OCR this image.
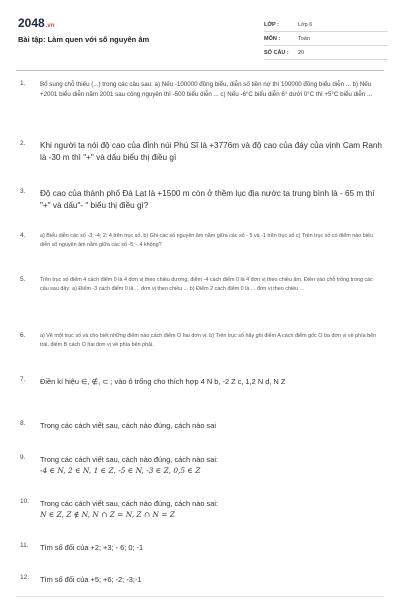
2048.vn
Bài tập: Làm quen với số nguyên âm
LỚP :	Lớp 6
MÔN :	Toán
SỐ CÂU :	20
1.	Bổ sung chỗ thiếu (...) trong các câu sau: a) Nếu -100000 đồng biểu, diễn số tiền nợ thì 100000 đồng biểu diễn ... b) Nếu +2001 biểu diễn năm 2001 sau công nguyên thì -500 biểu diễn ... c) Nếu -6°C biểu diễn 6° dưới 0°C thì +5°C biểu diễn ...
2.	Khi người ta nói độ cao của đỉnh núi Phú Sĩ là +3776m và độ cao của đáy của vịnh Cam Ranh là -30 m thì "+" và dấu biểu thị điều gì
3.	Độ cao của thành phố Đà Lạt là +1500 m còn ở thềm lục địa nước ta trung bình là - 65 m thì "+" và dấu"- " biểu thị điều gì?
4.	a) Biểu diễn các số -3; -4; 2; 4 trên trục số. b) Ghi các số nguyên âm nằm giữa các số - 5 và -1 trên trục số c) Trên trục số có điểm nào biểu diễn số nguyên âm nằm giữa các số -5; - 4 không?
5.	Trên trục số điểm 4 cách điểm 0 là 4 đơn vị theo chiều dương, điểm -4 cách điểm 0 là 4 đơn vị theo chiều âm. Điền vào chỗ trống trong các câu sau đây: a) Điểm -3 cách điểm 0 là ... đơn vị theo chiều ... b) Điểm 2 cách điểm 0 là ... đơn vị theo chiều ...
6.	a) Vẽ một trục số và cho biết những điểm nào cách điểm O hai đơn vị. b) Trên trục số hãy ghi điểm A cách điểm gốc O ba đơn vị về phía bên trái, điểm B cách O hai đơn vị về phía bên phải.
7.	Điền kí hiệu ∈, ∉, ⊂ ; vào ô trống cho thích hợp 4 N b, -2 Z c, 1,2 N d, N Z
8.	Trong các cách viết sau, cách nào đúng, cách nào sai
9.	Trong các cách viết sau, cách nào đúng, cách nào sai:
-4 ∈ N, 2 ∈ N, 1 ∈ Z, -5 ∈ N, -3 ∈ Z, 0,5 ∈ Z
10.	Trong các cách viết sau, cách nào đúng, cách nào sai:
N ∈ Z, Z ∉ N, N ∩ Z = N, Z ∩ N = Z
11.	Tìm số đối của +2; +3; - 6; 0; -1
12.	Tìm số đối của +5; +6; -2; -3;-1
